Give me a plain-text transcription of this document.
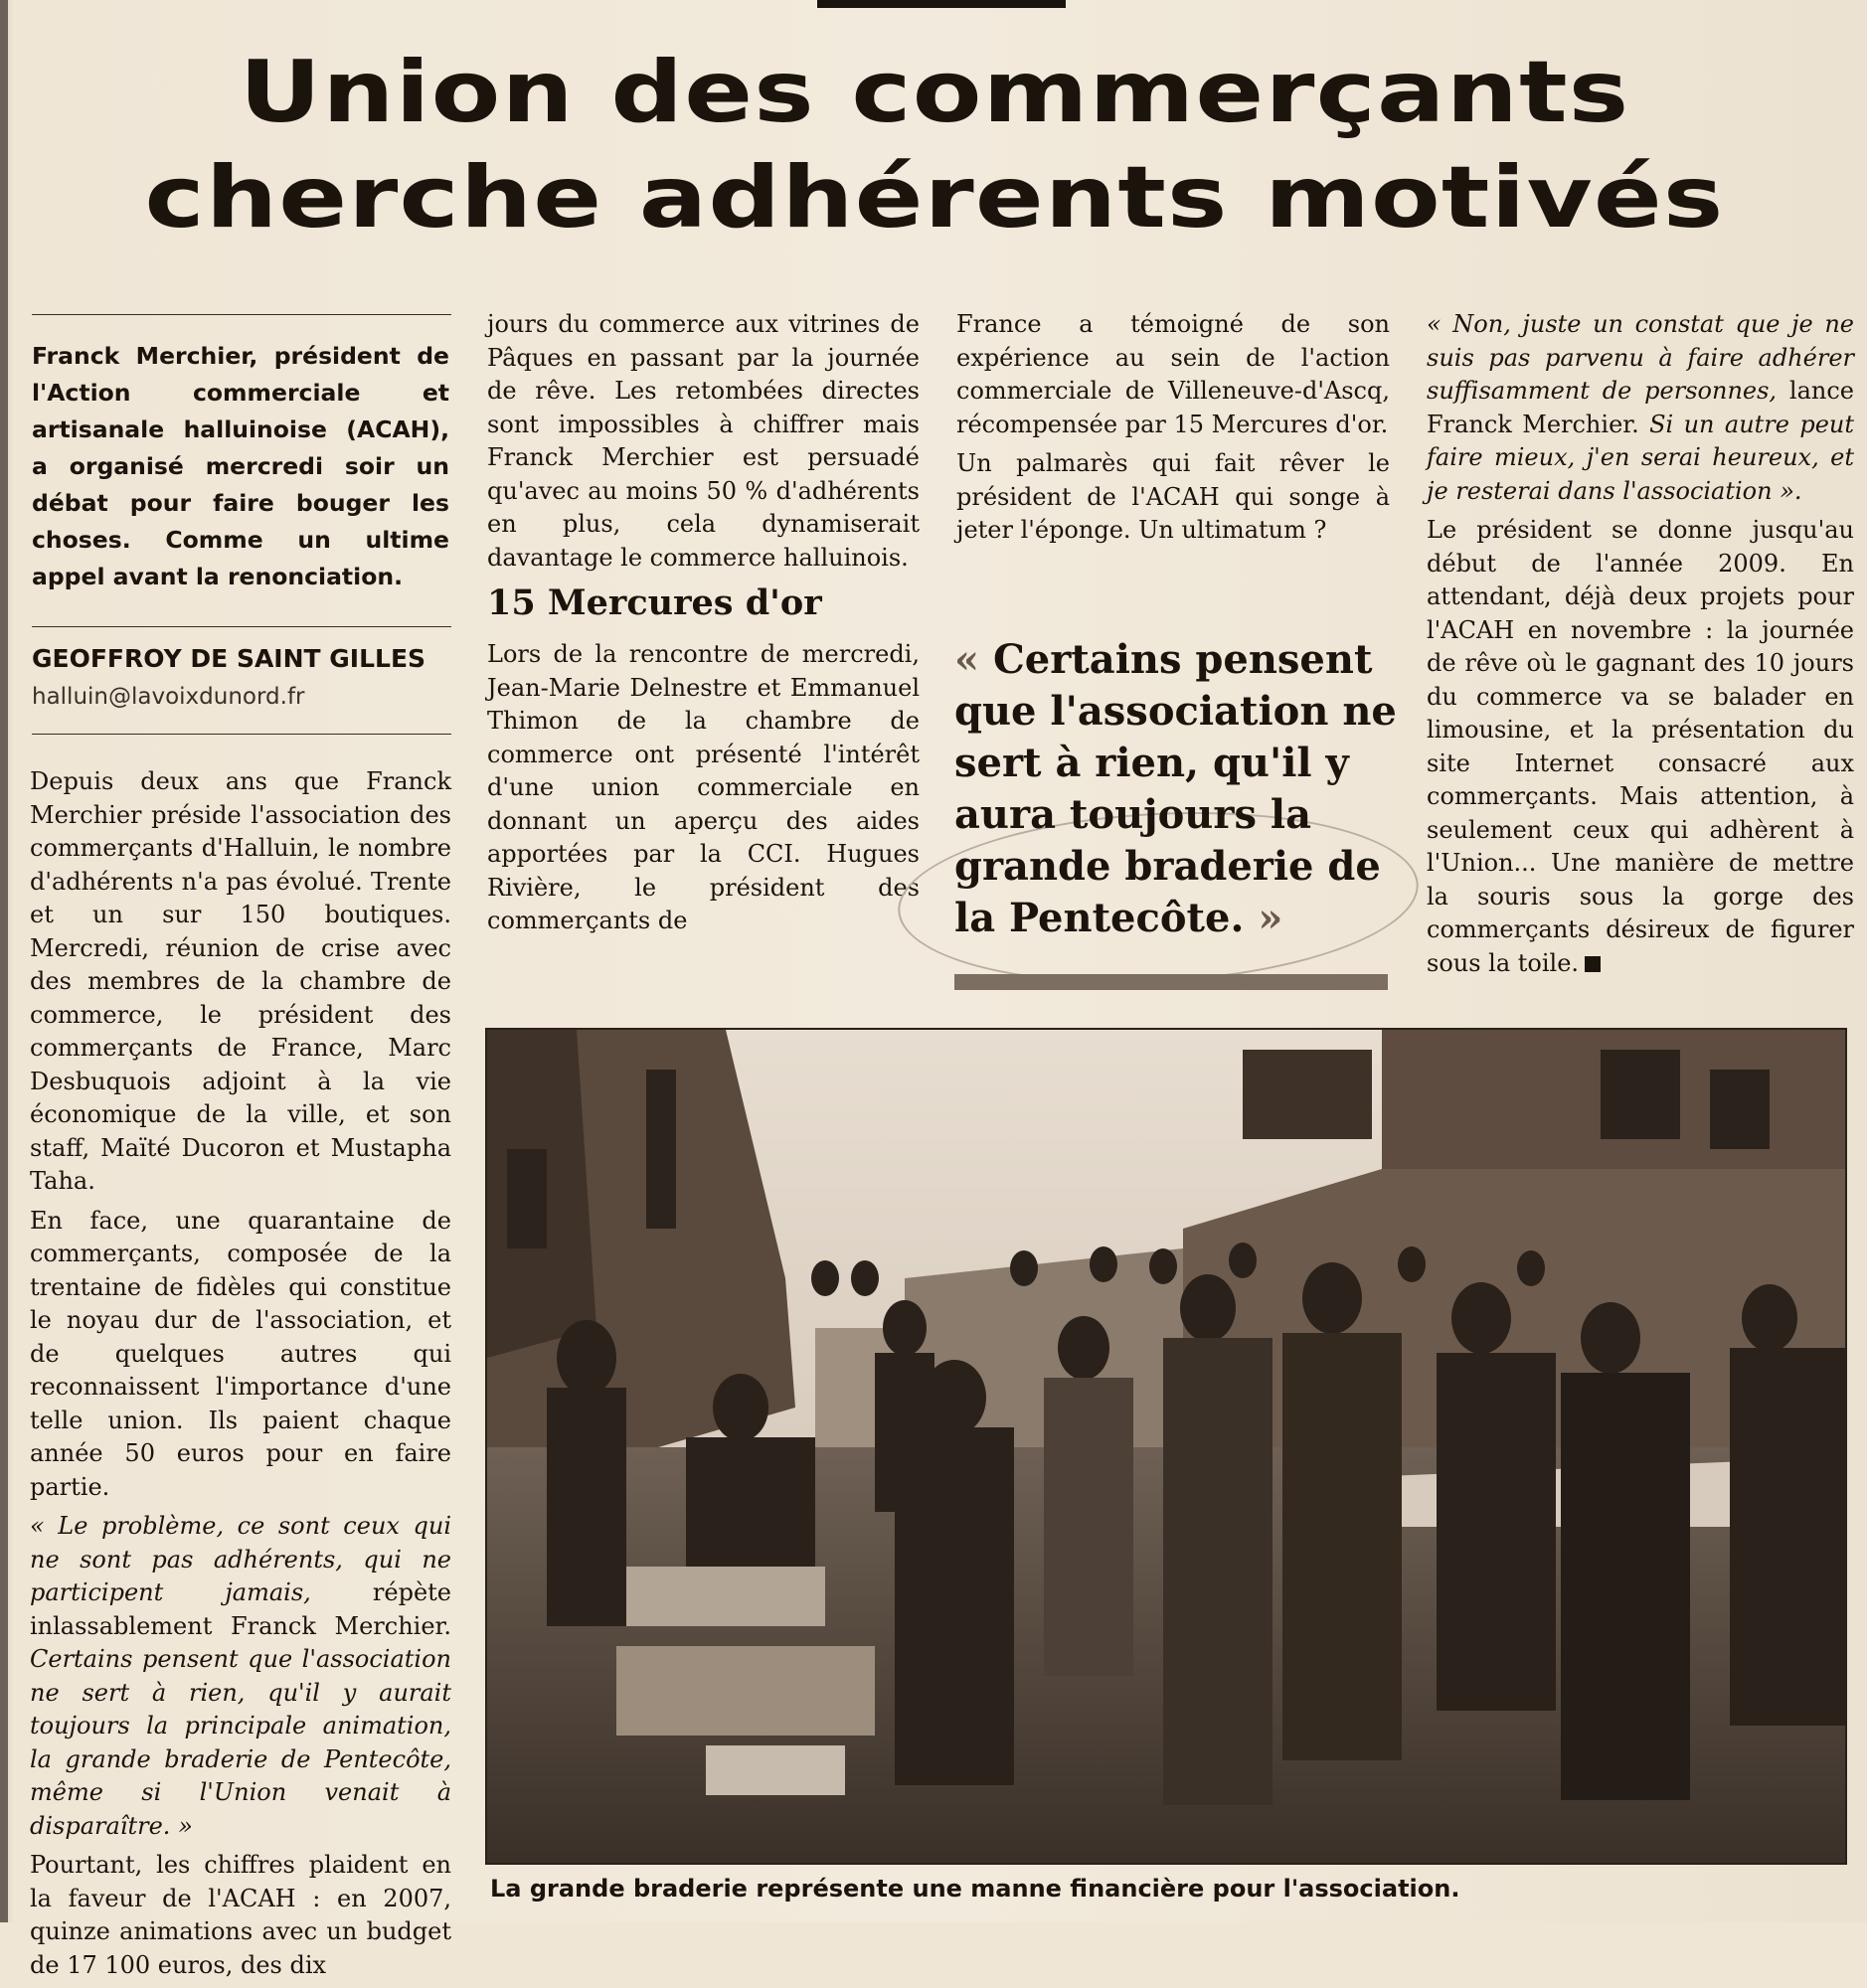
Union des commerçants
cherche adhérents motivés
Franck Merchier, président de l'Action commerciale et artisanale halluinoise (ACAH), a organisé mercredi soir un débat pour faire bouger les choses. Comme un ultime appel avant la renonciation.
GEOFFROY DE SAINT GILLES
halluin@lavoixdunord.fr

Depuis deux ans que Franck Merchier préside l'association des commerçants d'Halluin, le nombre d'adhérents n'a pas évolué. Trente et un sur 150 boutiques. Mercredi, réunion de crise avec des membres de la chambre de commerce, le président des commerçants de France, Marc Desbuquois adjoint à la vie économique de la ville, et son staff, Maïté Ducoron et Mustapha Taha.

En face, une quarantaine de commerçants, composée de la trentaine de fidèles qui constitue le noyau dur de l'association, et de quelques autres qui reconnaissent l'importance d'une telle union. Ils paient chaque année 50 euros pour en faire partie.

« Le problème, ce sont ceux qui ne sont pas adhérents, qui ne participent jamais, répète inlassablement Franck Merchier. Certains pensent que l'association ne sert à rien, qu'il y aurait toujours la principale animation, la grande braderie de Pentecôte, même si l'Union venait à disparaître. »

Pourtant, les chiffres plaident en la faveur de l'ACAH : en 2007, quinze animations avec un budget de 17 100 euros, des dix

jours du commerce aux vitrines de Pâques en passant par la journée de rêve. Les retombées directes sont impossibles à chiffrer mais Franck Merchier est persuadé qu'avec au moins 50 % d'adhérents en plus, cela dynamiserait davantage le commerce halluinois.

15 Mercures d'or

Lors de la rencontre de mercredi, Jean-Marie Delnestre et Emmanuel Thimon de la chambre de commerce ont présenté l'intérêt d'une union commerciale en donnant un aperçu des aides apportées par la CCI. Hugues Rivière, le président des commerçants de

France a témoigné de son expérience au sein de l'action commerciale de Villeneuve-d'Ascq, récompensée par 15 Mercures d'or.

Un palmarès qui fait rêver le président de l'ACAH qui songe à jeter l'éponge. Un ultimatum ?

« Certains pensent que l'association ne sert à rien, qu'il y aura toujours la grande braderie de la Pentecôte. »

« Non, juste un constat que je ne suis pas parvenu à faire adhérer suffisamment de personnes, lance Franck Merchier. Si un autre peut faire mieux, j'en serai heureux, et je resterai dans l'association ».

Le président se donne jusqu'au début de l'année 2009. En attendant, déjà deux projets pour l'ACAH en novembre : la journée de rêve où le gagnant des 10 jours du commerce va se balader en limousine, et la présentation du site Internet consacré aux commerçants. Mais attention, à seulement ceux qui adhèrent à l'Union... Une manière de mettre la souris sous la gorge des commerçants désireux de figurer sous la toile.

La grande braderie représente une manne financière pour l'association.
